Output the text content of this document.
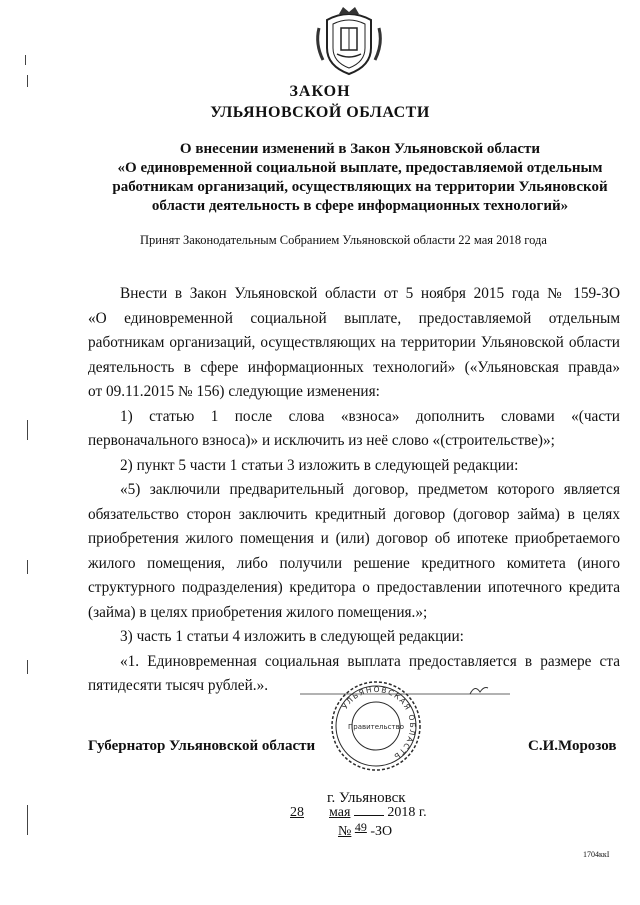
ЗАКОН
УЛЬЯНОВСКОЙ ОБЛАСТИ
О внесении изменений в Закон Ульяновской области
«О единовременной социальной выплате, предоставляемой отдельным
работникам организаций, осуществляющих на территории Ульяновской
области деятельность в сфере информационных технологий»
Принят Законодательным Собранием Ульяновской области 22 мая 2018 года
Внести в Закон Ульяновской области от 5 ноября 2015 года № 159-ЗО
«О единовременной социальной выплате, предоставляемой отдельным
работникам организаций, осуществляющих на территории Ульяновской области
деятельность в сфере информационных технологий» («Ульяновская правда»
от 09.11.2015 № 156) следующие изменения:
1) статью 1 после слова «взноса» дополнить словами «(части
первоначального взноса)» и исключить из неё слово «(строительстве)»;
2) пункт 5 части 1 статьи 3 изложить в следующей редакции:
«5) заключили предварительный договор, предметом которого является
обязательство сторон заключить кредитный договор (договор займа) в целях
приобретения жилого помещения и (или) договор об ипотеке приобретаемого
жилого помещения, либо получили решение кредитного комитета (иного
структурного подразделения) кредитора о предоставлении ипотечного кредита
(займа) в целях приобретения жилого помещения.»;
3) часть 1 статьи 4 изложить в следующей редакции:
«1. Единовременная социальная выплата предоставляется в размере ста
пятидесяти тысяч рублей.».
УЛЬЯНОВСКАЯ ОБЛАСТЬ
Правительство
Губернатор Ульяновской области	С.И.Морозов
г. Ульяновск
28 мая	2018 г.
№ 49 -ЗО
1704ккI
